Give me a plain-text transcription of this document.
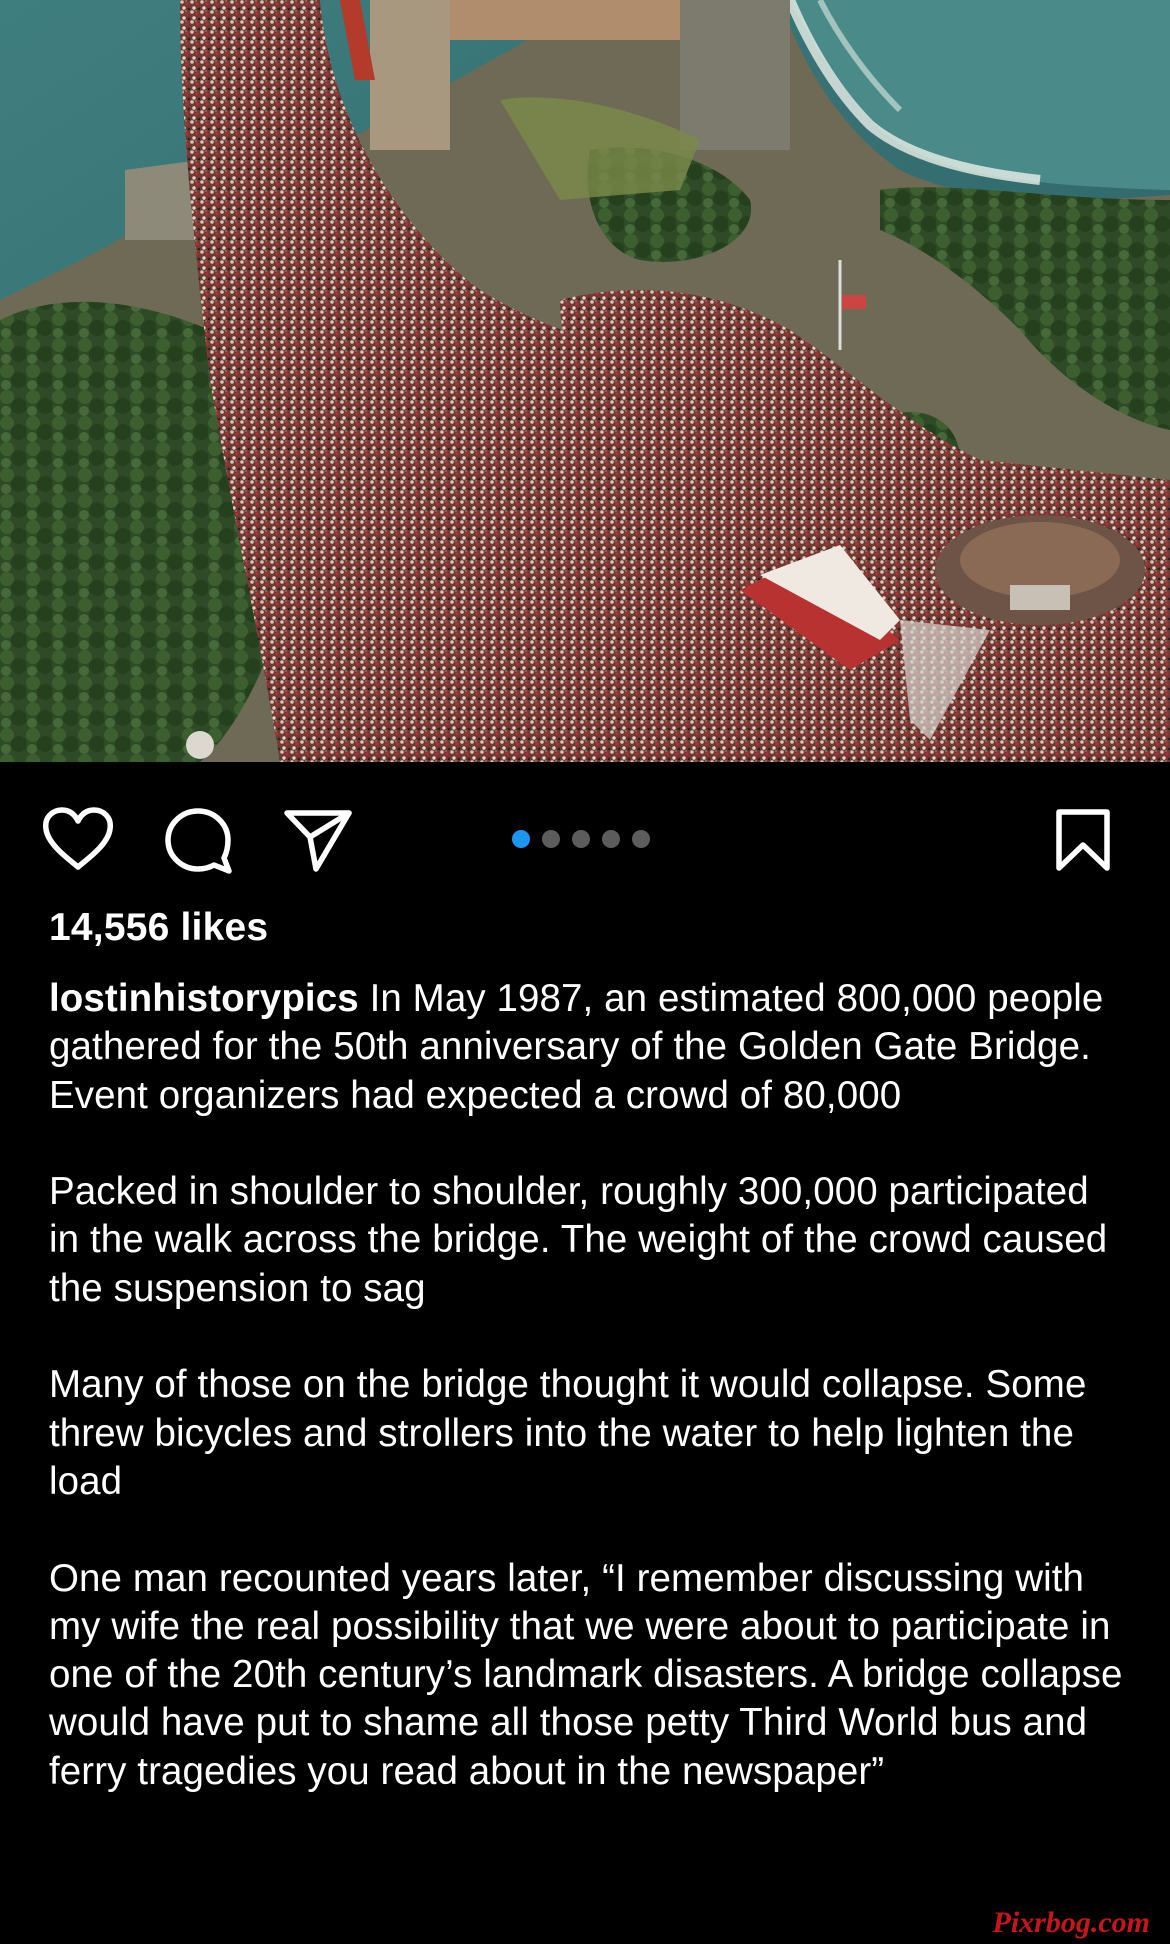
14,556 likes

lostinhistorypics In May 1987, an estimated 800,000 people gathered for the 50th anniversary of the Golden Gate Bridge. Event organizers had expected a crowd of 80,000

Packed in shoulder to shoulder, roughly 300,000 participated in the walk across the bridge. The weight of the crowd caused the suspension to sag

Many of those on the bridge thought it would collapse. Some threw bicycles and strollers into the water to help lighten the load

One man recounted years later, “I remember discussing with my wife the real possibility that we were about to participate in one of the 20th century’s landmark disasters. A bridge collapse would have put to shame all those petty Third World bus and ferry tragedies you read about in the newspaper”

Pixrbog.com
